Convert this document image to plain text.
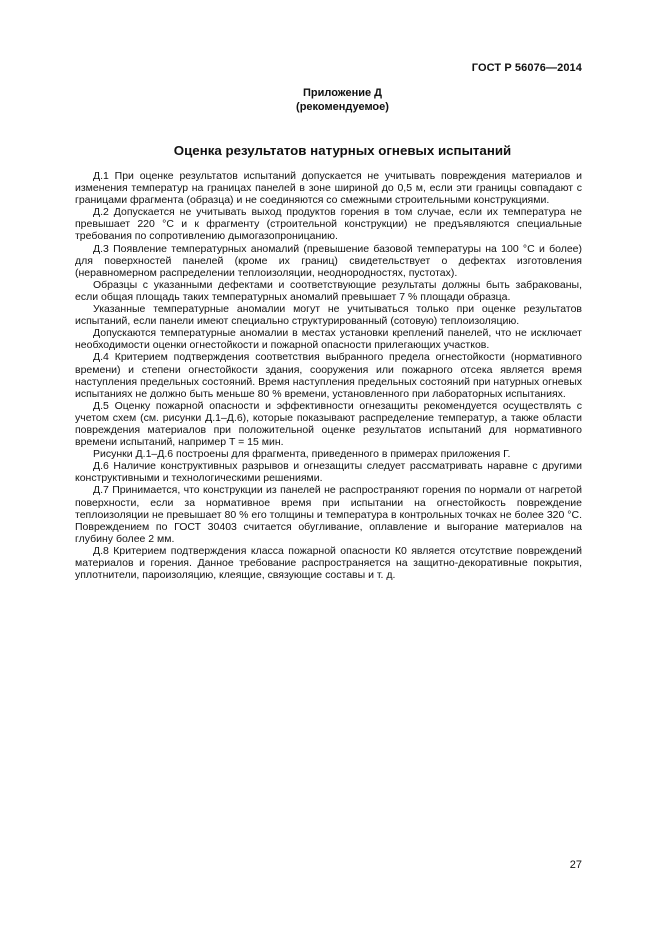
ГОСТ Р 56076—2014
Приложение Д
(рекомендуемое)
Оценка результатов натурных огневых испытаний

Д.1 При оценке результатов испытаний допускается не учитывать повреждения материалов и изменения температур на границах панелей в зоне шириной до 0,5 м, если эти границы совпадают с границами фрагмента (образца) и не соединяются со смежными строительными конструкциями.

Д.2 Допускается не учитывать выход продуктов горения в том случае, если их температура не превышает 220 °С и к фрагменту (строительной конструкции) не предъявляются специальные требования по сопротивлению дымогазопроницанию.

Д.3 Появление температурных аномалий (превышение базовой температуры на 100 °С и более) для поверхностей панелей (кроме их границ) свидетельствует о дефектах изготовления (неравномерном распределении теплоизоляции, неоднородностях, пустотах).

Образцы с указанными дефектами и соответствующие результаты должны быть забракованы, если общая площадь таких температурных аномалий превышает 7 % площади образца.

Указанные температурные аномалии могут не учитываться только при оценке результатов испытаний, если панели имеют специально структурированный (сотовую) теплоизоляцию.

Допускаются температурные аномалии в местах установки креплений панелей, что не исключает необходимости оценки огнестойкости и пожарной опасности прилегающих участков.

Д.4 Критерием подтверждения соответствия выбранного предела огнестойкости (нормативного времени) и степени огнестойкости здания, сооружения или пожарного отсека является время наступления предельных состояний. Время наступления предельных состояний при натурных огневых испытаниях не должно быть меньше 80 % времени, установленного при лабораторных испытаниях.

Д.5 Оценку пожарной опасности и эффективности огнезащиты рекомендуется осуществлять с учетом схем (см. рисунки Д.1–Д.6), которые показывают распределение температур, а также области повреждения материалов при положительной оценке результатов испытаний для нормативного времени испытаний, например T = 15 мин.

Рисунки Д.1–Д.6 построены для фрагмента, приведенного в примерах приложения Г.

Д.6 Наличие конструктивных разрывов и огнезащиты следует рассматривать наравне с другими конструктивными и технологическими решениями.

Д.7 Принимается, что конструкции из панелей не распространяют горения по нормали от нагретой поверхности, если за нормативное время при испытании на огнестойкость повреждение теплоизоляции не превышает 80 % его толщины и температура в контрольных точках не более 320 °С. Повреждением по ГОСТ 30403 считается обугливание, оплавление и выгорание материалов на глубину более 2 мм.

Д.8 Критерием подтверждения класса пожарной опасности К0 является отсутствие повреждений материалов и горения. Данное требование распространяется на защитно-декоративные покрытия, уплотнители, пароизоляцию, клеящие, связующие составы и т. д.

27
